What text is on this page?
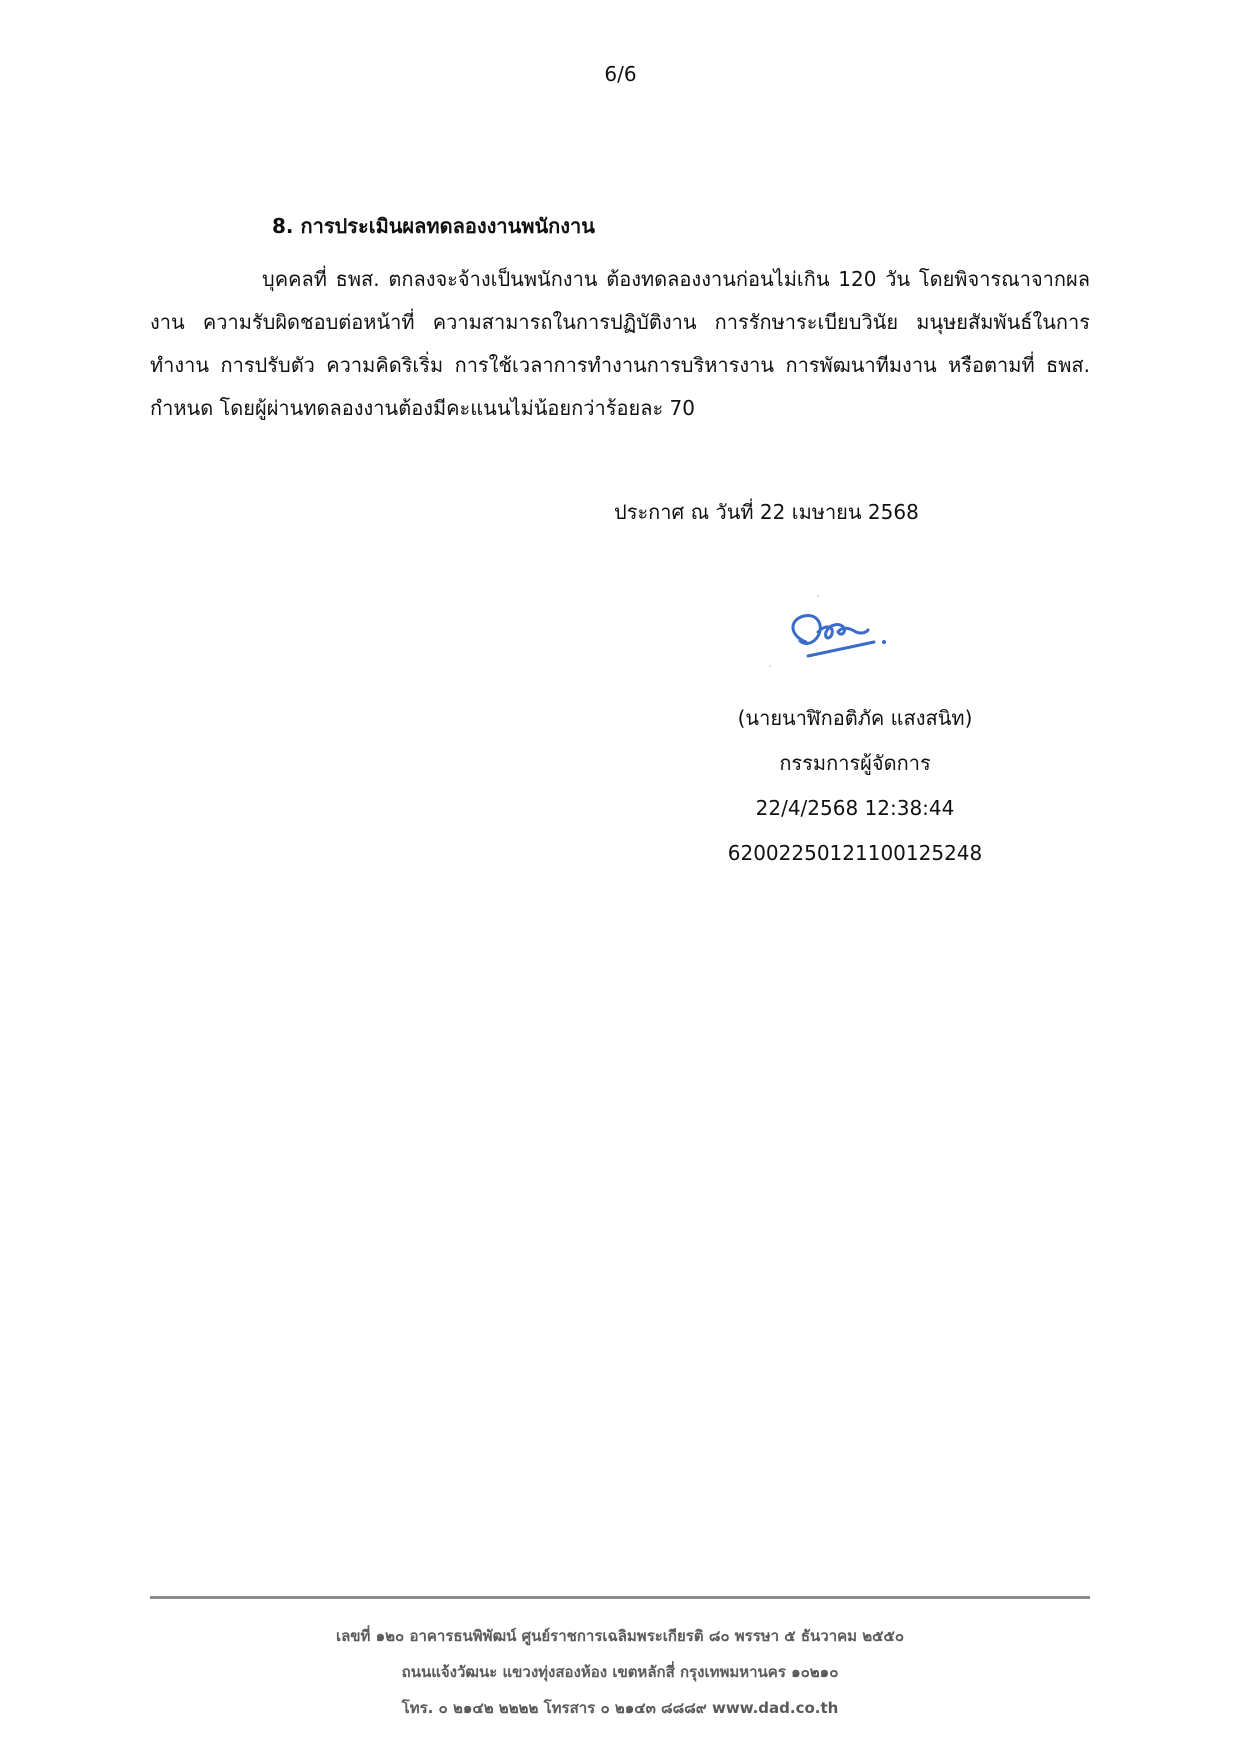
6/6
8. การประเมินผลทดลองงานพนักงาน
บุคคลที่ ธพส. ตกลงจะจ้างเป็นพนักงาน ต้องทดลองงานก่อนไม่เกิน 120 วัน โดยพิจารณาจากผลงาน ความรับผิดชอบต่อหน้าที่ ความสามารถในการปฏิบัติงาน การรักษาระเบียบวินัย มนุษยสัมพันธ์ในการทำงาน การปรับตัว ความคิดริเริ่ม การใช้เวลาการทำงานการบริหารงาน การพัฒนาทีมงาน หรือตามที่ ธพส. กำหนด โดยผู้ผ่านทดลองงานต้องมีคะแนนไม่น้อยกว่าร้อยละ 70
ประกาศ ณ วันที่ 22 เมษายน 2568
(นายนาฬิกอติภัค แสงสนิท)
กรรมการผู้จัดการ
22/4/2568 12:38:44
62002250121100125248
เลขที่ ๑๒๐ อาคารธนพิพัฒน์ ศูนย์ราชการเฉลิมพระเกียรติ ๘๐ พรรษา ๕ ธันวาคม ๒๕๕๐
ถนนแจ้งวัฒนะ แขวงทุ่งสองห้อง เขตหลักสี่ กรุงเทพมหานคร ๑๐๒๑๐
โทร. ๐ ๒๑๔๒ ๒๒๒๒ โทรสาร ๐ ๒๑๔๓ ๘๘๘๙ www.dad.co.th
